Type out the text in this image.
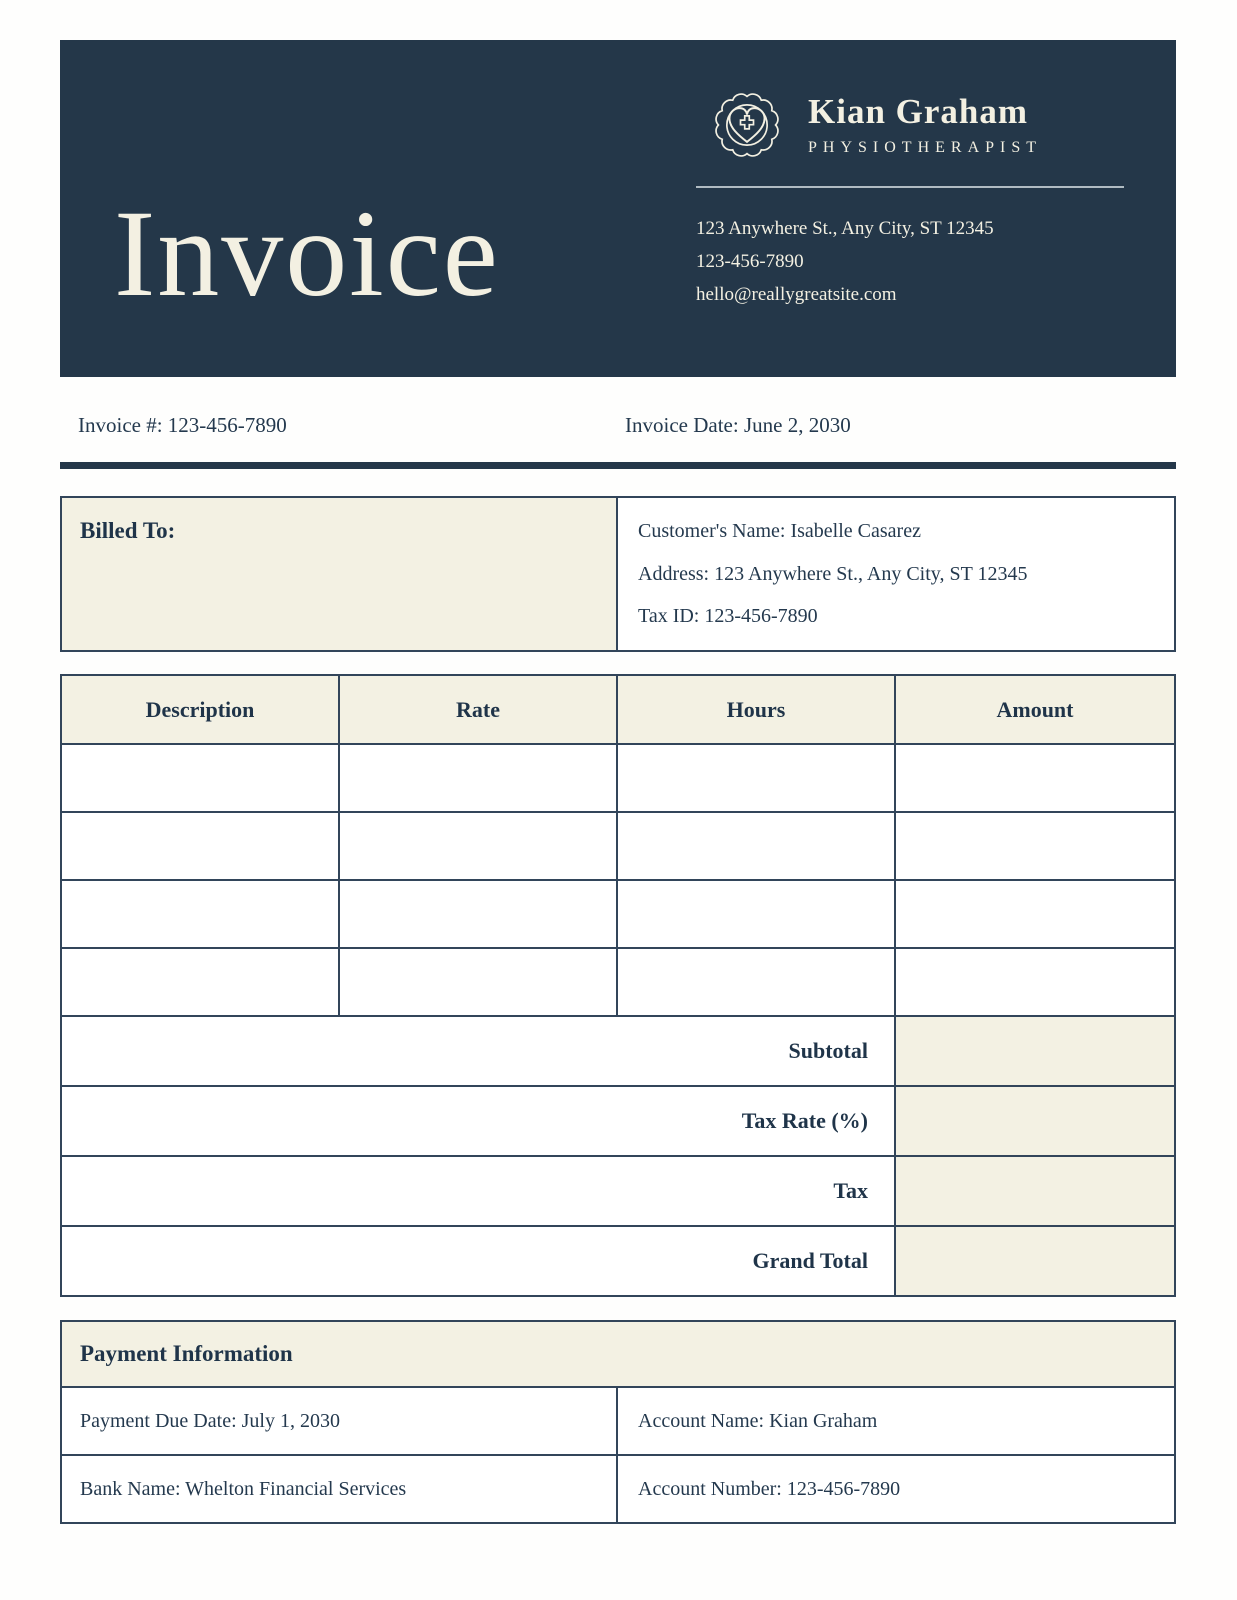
Invoice
Kian Graham
PHYSIOTHERAPIST
123 Anywhere St., Any City, ST 12345
123-456-7890
hello@reallygreatsite.com
Invoice #: 123-456-7890	Invoice Date: June 2, 2030
Billed To:	Customer's Name: Isabelle Casarez
Address: 123 Anywhere St., Any City, ST 12345
Tax ID: 123-456-7890
Description	Rate	Hours	Amount
Subtotal
Tax Rate (%)
Tax
Grand Total
Payment Information
Payment Due Date: July 1, 2030	Account Name: Kian Graham
Bank Name: Whelton Financial Services	Account Number: 123-456-7890
